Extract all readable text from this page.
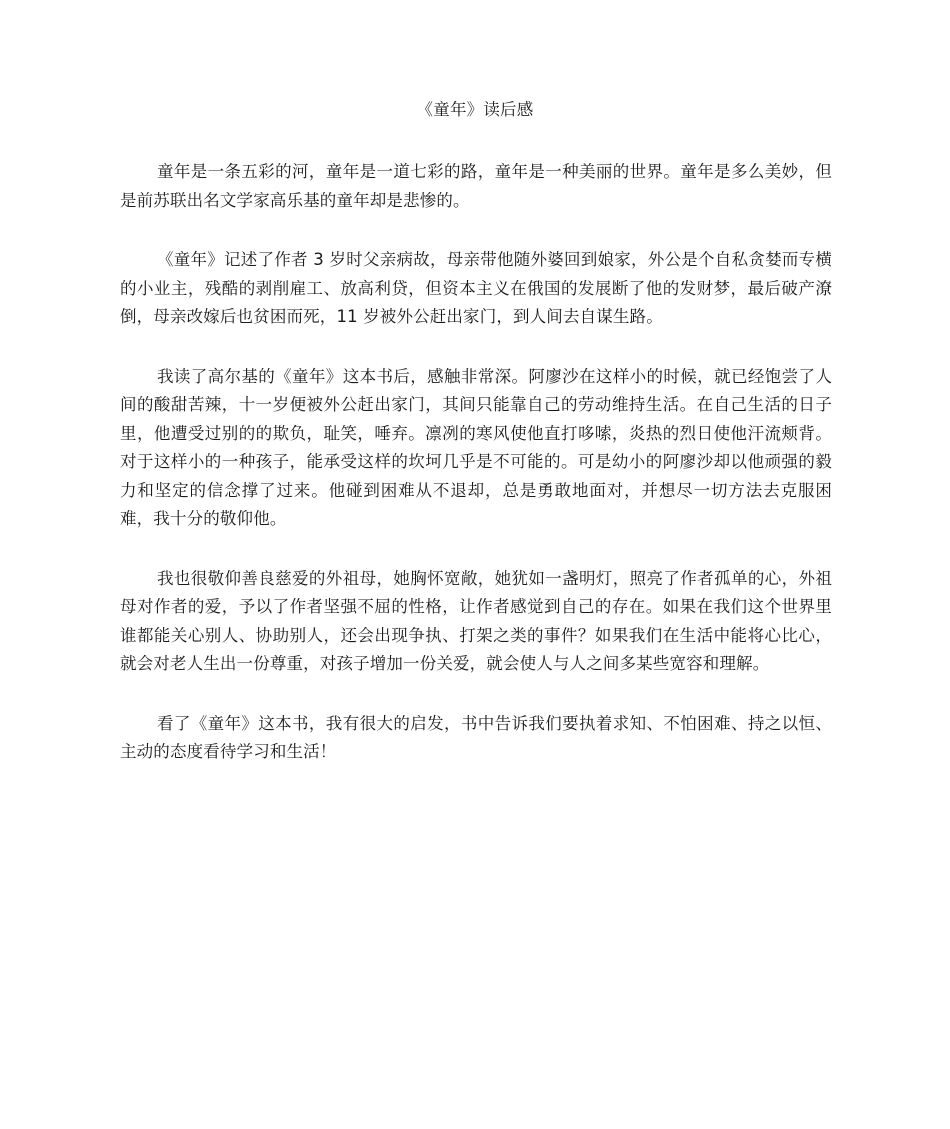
《童年》读后感

童年是一条五彩的河，童年是一道七彩的路，童年是一种美丽的世界。童年是多么美妙，但是前苏联出名文学家高乐基的童年却是悲惨的。

《童年》记述了作者 3 岁时父亲病故，母亲带他随外婆回到娘家，外公是个自私贪婪而专横的小业主，残酷的剥削雇工、放高利贷，但资本主义在俄国的发展断了他的发财梦，最后破产潦倒，母亲改嫁后也贫困而死，11 岁被外公赶出家门，到人间去自谋生路。

我读了高尔基的《童年》这本书后，感触非常深。阿廖沙在这样小的时候，就已经饱尝了人间的酸甜苦辣，十一岁便被外公赶出家门，其间只能靠自己的劳动维持生活。在自己生活的日子里，他遭受过别的的欺负，耻笑，唾弃。凛冽的寒风使他直打哆嗦，炎热的烈日使他汗流颊背。对于这样小的一种孩子，能承受这样的坎坷几乎是不可能的。可是幼小的阿廖沙却以他顽强的毅力和坚定的信念撑了过来。他碰到困难从不退却，总是勇敢地面对，并想尽一切方法去克服困难，我十分的敬仰他。

我也很敬仰善良慈爱的外祖母，她胸怀宽敞，她犹如一盏明灯，照亮了作者孤单的心，外祖母对作者的爱，予以了作者坚强不屈的性格，让作者感觉到自己的存在。如果在我们这个世界里谁都能关心别人、协助别人，还会出现争执、打架之类的事件？如果我们在生活中能将心比心，就会对老人生出一份尊重，对孩子增加一份关爱，就会使人与人之间多某些宽容和理解。

看了《童年》这本书，我有很大的启发，书中告诉我们要执着求知、不怕困难、持之以恒、主动的态度看待学习和生活！
